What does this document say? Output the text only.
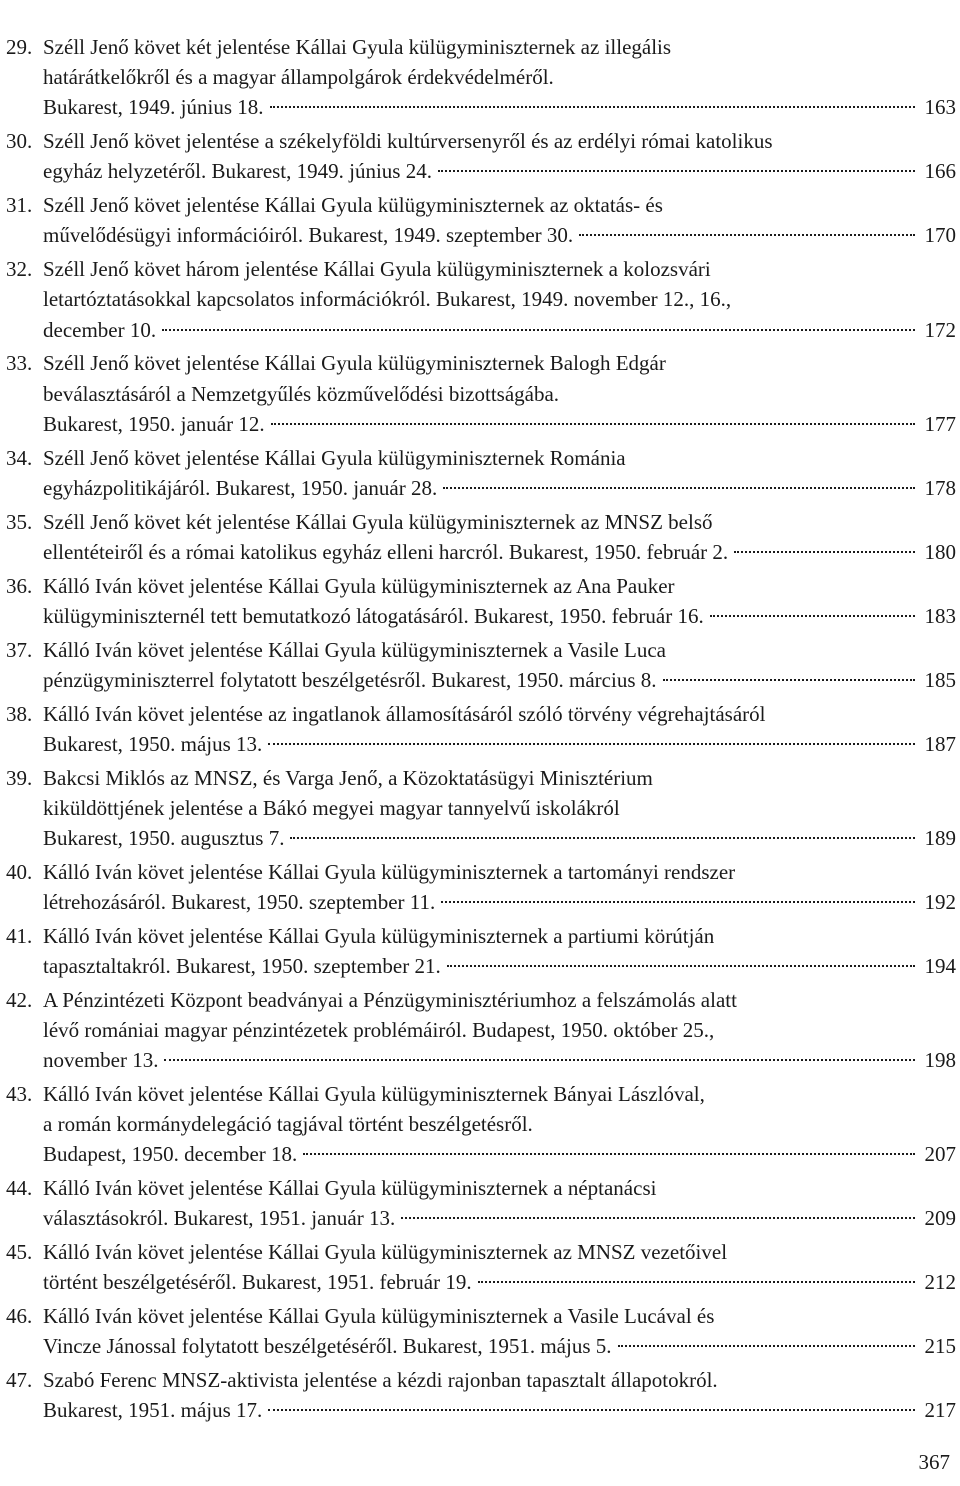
29. Széll Jenő követ két jelentése Kállai Gyula külügyminiszternek az illegális
határátkelőkről és a magyar állampolgárok érdekvédelméről.
Bukarest, 1949. június 18.	163
30. Széll Jenő követ jelentése a székelyföldi kultúrversenyről és az erdélyi római katolikus
egyház helyzetéről. Bukarest, 1949. június 24.	166
31. Széll Jenő követ jelentése Kállai Gyula külügyminiszternek az oktatás- és
művelődésügyi információiról. Bukarest, 1949. szeptember 30.	170
32. Széll Jenő követ három jelentése Kállai Gyula külügyminiszternek a kolozsvári
letartóztatásokkal kapcsolatos információkról. Bukarest, 1949. november 12., 16.,
december 10.	172
33. Széll Jenő követ jelentése Kállai Gyula külügyminiszternek Balogh Edgár
beválasztásáról a Nemzetgyűlés közművelődési bizottságába.
Bukarest, 1950. január 12.	177
34. Széll Jenő követ jelentése Kállai Gyula külügyminiszternek Románia
egyházpolitikájáról. Bukarest, 1950. január 28.	178
35. Széll Jenő követ két jelentése Kállai Gyula külügyminiszternek az MNSZ belső
ellentéteiről és a római katolikus egyház elleni harcról. Bukarest, 1950. február 2.	180
36. Kálló Iván követ jelentése Kállai Gyula külügyminiszternek az Ana Pauker
külügyminiszternél tett bemutatkozó látogatásáról. Bukarest, 1950. február 16.	183
37. Kálló Iván követ jelentése Kállai Gyula külügyminiszternek a Vasile Luca
pénzügyminiszterrel folytatott beszélgetésről. Bukarest, 1950. március 8.	185
38. Kálló Iván követ jelentése az ingatlanok államosításáról szóló törvény végrehajtásáról
Bukarest, 1950. május 13.	187
39. Bakcsi Miklós az MNSZ, és Varga Jenő, a Közoktatásügyi Minisztérium
kiküldöttjének jelentése a Bákó megyei magyar tannyelvű iskolákról
Bukarest, 1950. augusztus 7.	189
40. Kálló Iván követ jelentése Kállai Gyula külügyminiszternek a tartományi rendszer
létrehozásáról. Bukarest, 1950. szeptember 11.	192
41. Kálló Iván követ jelentése Kállai Gyula külügyminiszternek a partiumi körútján
tapasztaltakról. Bukarest, 1950. szeptember 21.	194
42. A Pénzintézeti Központ beadványai a Pénzügyminisztériumhoz a felszámolás alatt
lévő romániai magyar pénzintézetek problémáiról. Budapest, 1950. október 25.,
november 13.	198
43. Kálló Iván követ jelentése Kállai Gyula külügyminiszternek Bányai Lászlóval,
a román kormánydelegáció tagjával történt beszélgetésről.
Budapest, 1950. december 18.	207
44. Kálló Iván követ jelentése Kállai Gyula külügyminiszternek a néptanácsi
választásokról. Bukarest, 1951. január 13.	209
45. Kálló Iván követ jelentése Kállai Gyula külügyminiszternek az MNSZ vezetőivel
történt beszélgetéséről. Bukarest, 1951. február 19.	212
46. Kálló Iván követ jelentése Kállai Gyula külügyminiszternek a Vasile Lucával és
Vincze Jánossal folytatott beszélgetéséről. Bukarest, 1951. május 5.	215
47. Szabó Ferenc MNSZ-aktivista jelentése a kézdi rajonban tapasztalt állapotokról.
Bukarest, 1951. május 17.	217
367
